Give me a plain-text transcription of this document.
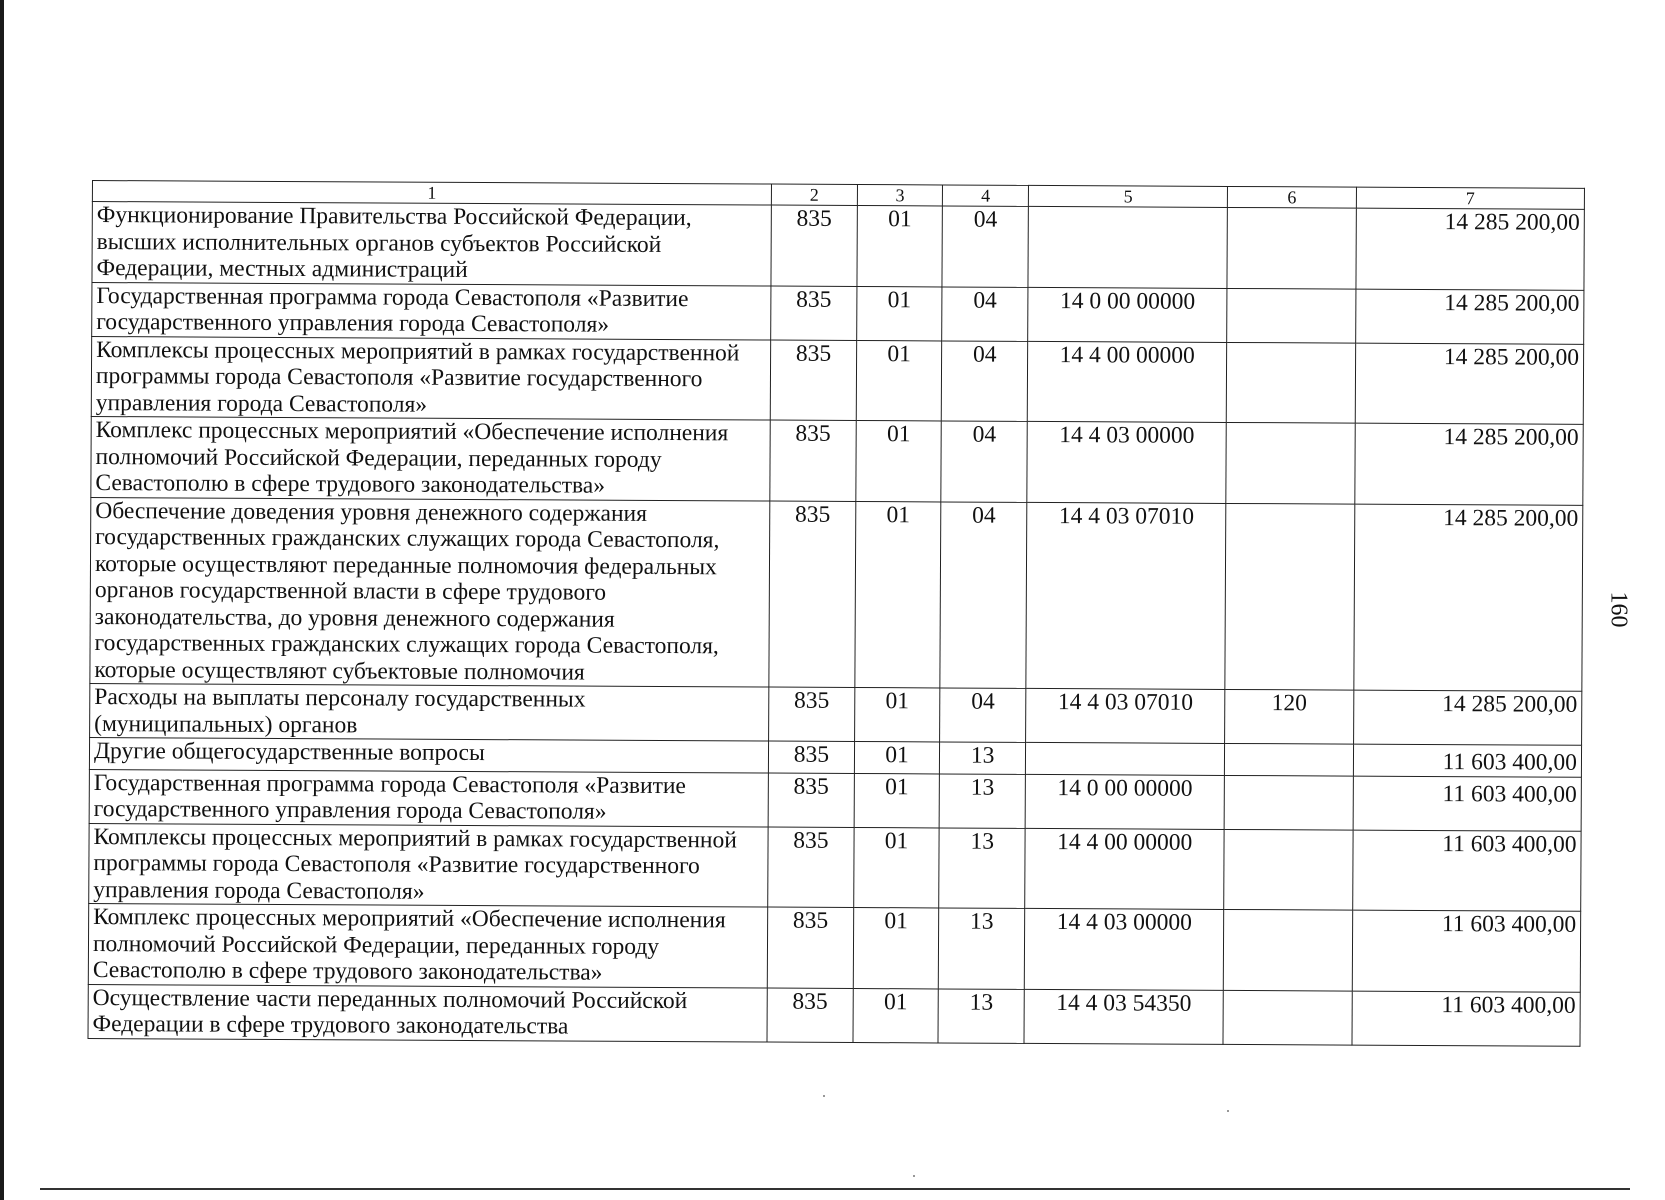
160
1	2	3	4	5	6	7
Функционирование Правительства Российской Федерации, высших исполнительных органов субъектов Российской Федерации, местных администраций	835	01	04			14 285 200,00
Государственная программа города Севастополя «Развитие государственного управления города Севастополя»	835	01	04	14 0 00 00000		14 285 200,00
Комплексы процессных мероприятий в рамках государственной программы города Севастополя «Развитие государственного управления города Севастополя»	835	01	04	14 4 00 00000		14 285 200,00
Комплекс процессных мероприятий «Обеспечение исполнения полномочий Российской Федерации, переданных городу Севастополю в сфере трудового законодательства»	835	01	04	14 4 03 00000		14 285 200,00
Обеспечение доведения уровня денежного содержания государственных гражданских служащих города Севастополя, которые осуществляют переданные полномочия федеральных органов государственной власти в сфере трудового законодательства, до уровня денежного содержания государственных гражданских служащих города Севастополя, которые осуществляют субъектовые полномочия	835	01	04	14 4 03 07010		14 285 200,00
Расходы на выплаты персоналу государственных (муниципальных) органов	835	01	04	14 4 03 07010	120	14 285 200,00
Другие общегосударственные вопросы	835	01	13			11 603 400,00
Государственная программа города Севастополя «Развитие государственного управления города Севастополя»	835	01	13	14 0 00 00000		11 603 400,00
Комплексы процессных мероприятий в рамках государственной программы города Севастополя «Развитие государственного управления города Севастополя»	835	01	13	14 4 00 00000		11 603 400,00
Комплекс процессных мероприятий «Обеспечение исполнения полномочий Российской Федерации, переданных городу Севастополю в сфере трудового законодательства»	835	01	13	14 4 03 00000		11 603 400,00
Осуществление части переданных полномочий Российской Федерации в сфере трудового законодательства	835	01	13	14 4 03 54350		11 603 400,00
